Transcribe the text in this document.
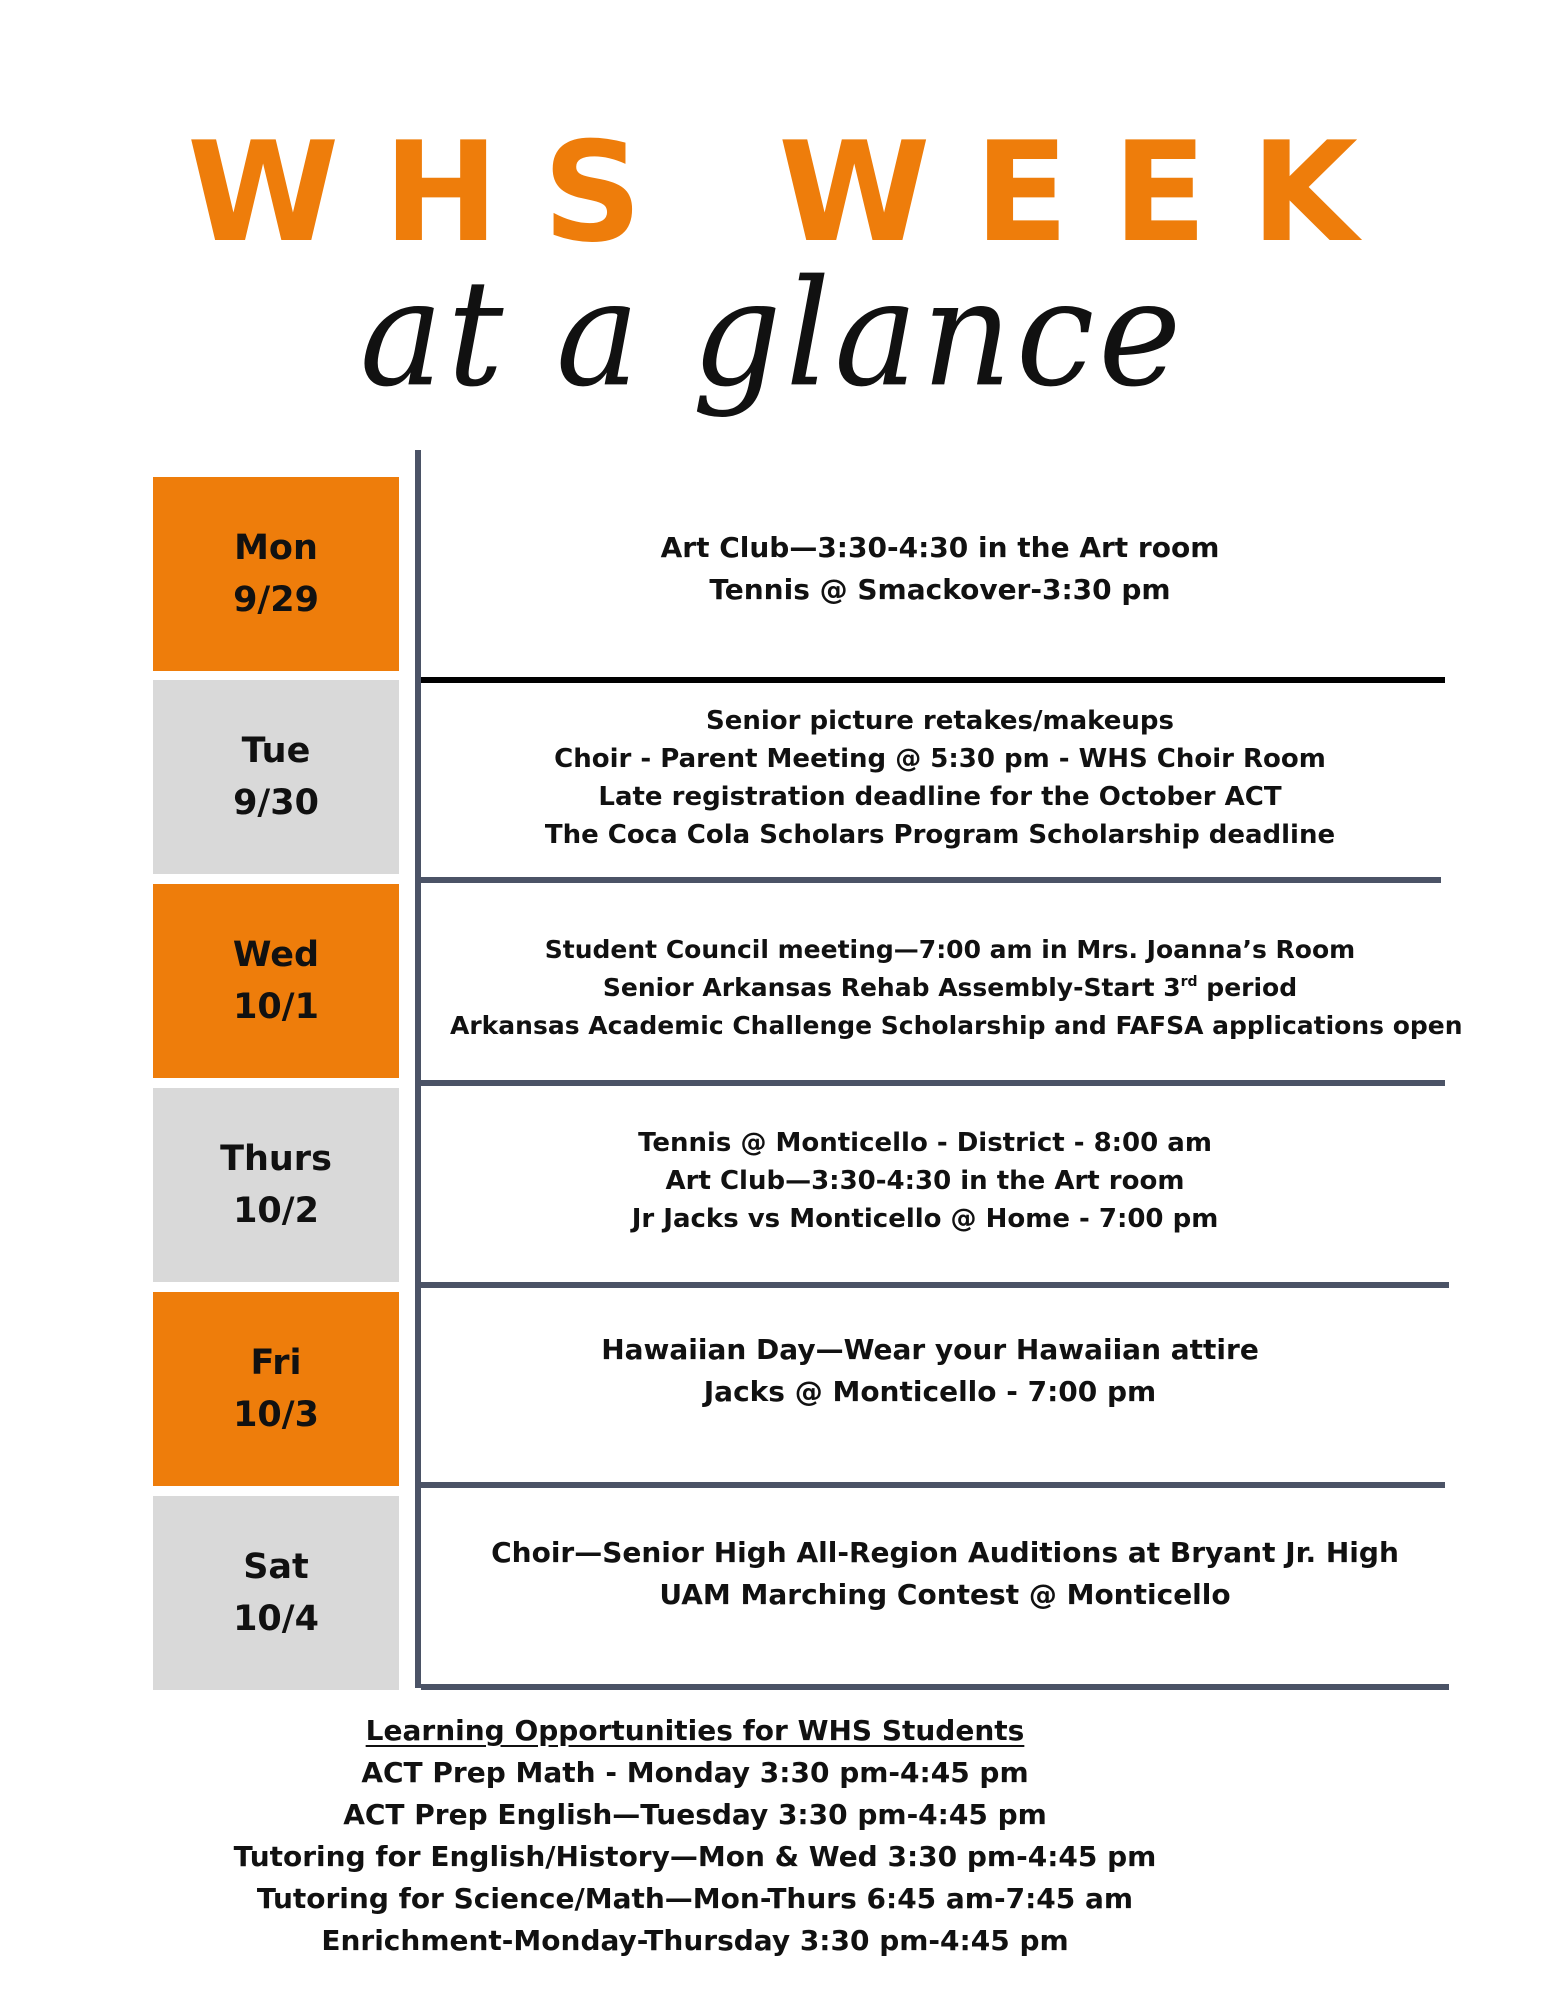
WHS WEEK
at a glance
Mon
9/29
Tue
9/30
Wed
10/1
Thurs
10/2
Fri
10/3
Sat
10/4
Art Club—3:30-4:30 in the Art room
Tennis @ Smackover-3:30 pm
Senior picture retakes/makeups
Choir - Parent Meeting @ 5:30 pm - WHS Choir Room
Late registration deadline for the October ACT
The Coca Cola Scholars Program Scholarship deadline
Student Council meeting—7:00 am in Mrs. Joanna’s Room
Senior Arkansas Rehab Assembly-Start 3rd period
Arkansas Academic Challenge Scholarship and FAFSA applications open
Tennis @ Monticello - District - 8:00 am
Art Club—3:30-4:30 in the Art room
Jr Jacks vs Monticello @ Home - 7:00 pm
Hawaiian Day—Wear your Hawaiian attire
Jacks @ Monticello - 7:00 pm
Choir—Senior High All-Region Auditions at Bryant Jr. High
UAM Marching Contest @ Monticello
Learning Opportunities for WHS Students
ACT Prep Math - Monday 3:30 pm-4:45 pm
ACT Prep English—Tuesday 3:30 pm-4:45 pm
Tutoring for English/History—Mon & Wed 3:30 pm-4:45 pm
Tutoring for Science/Math—Mon-Thurs 6:45 am-7:45 am
Enrichment-Monday-Thursday 3:30 pm-4:45 pm
